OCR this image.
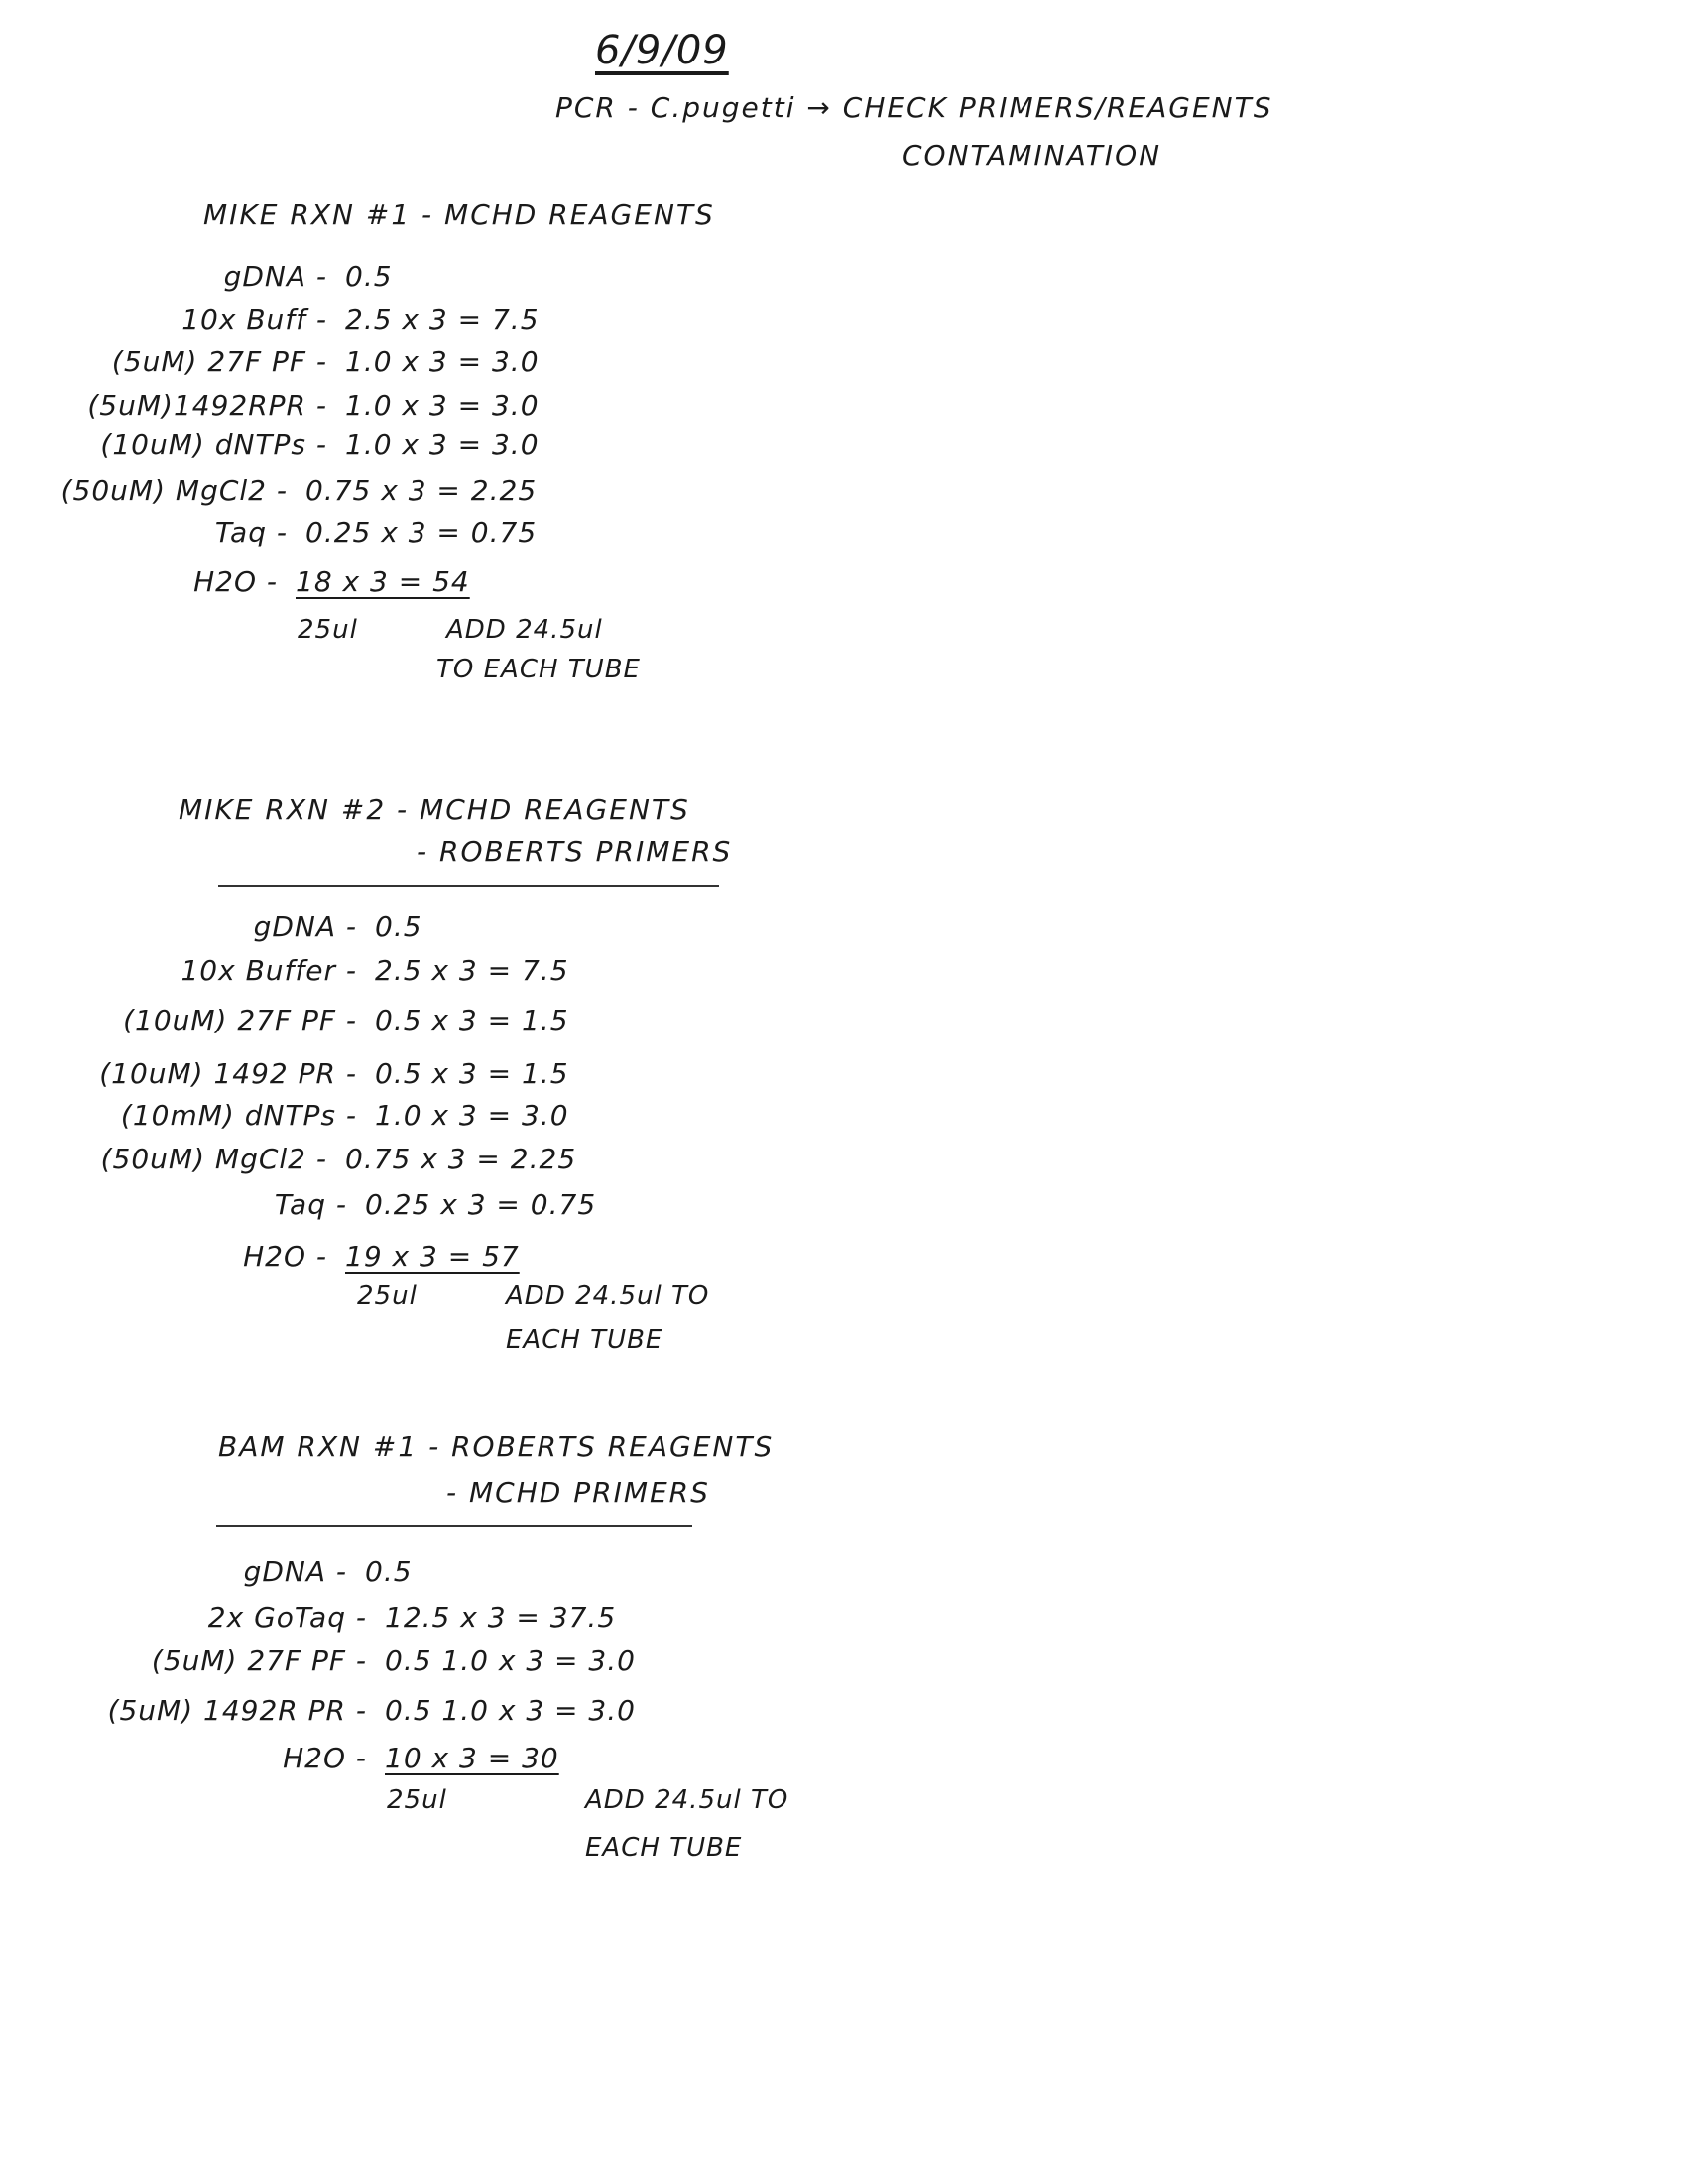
6/9/09
PCR - C.pugetti → CHECK PRIMERS/REAGENTS
CONTAMINATION
MIKE RXN #1 - MCHD REAGENTS
gDNA - 0.5
10x Buff - 2.5 x 3 = 7.5
(5uM) 27F PF - 1.0 x 3 = 3.0
(5uM)1492RPR - 1.0 x 3 = 3.0
(10uM) dNTPs - 1.0 x 3 = 3.0
(50uM) MgCl2 - 0.75 x 3 = 2.25
Taq - 0.25 x 3 = 0.75
H2O - 18 x 3 = 54
25ul	ADD 24.5ul
TO EACH TUBE
MIKE RXN #2 - MCHD REAGENTS
- ROBERTS PRIMERS
gDNA - 0.5
10x Buffer - 2.5 x 3 = 7.5
(10uM) 27F PF - 0.5 x 3 = 1.5
(10uM) 1492 PR - 0.5 x 3 = 1.5
(10mM) dNTPs - 1.0 x 3 = 3.0
(50uM) MgCl2 - 0.75 x 3 = 2.25
Taq - 0.25 x 3 = 0.75
H2O - 19 x 3 = 57
25ul	ADD 24.5ul TO
EACH TUBE
BAM RXN #1 - ROBERTS REAGENTS
- MCHD PRIMERS
gDNA - 0.5
2x GoTaq - 12.5 x 3 = 37.5
(5uM) 27F PF - 0.5 1.0 x 3 = 3.0
(5uM) 1492R PR - 0.5 1.0 x 3 = 3.0
H2O - 10 x 3 = 30
25ul	ADD 24.5ul TO
EACH TUBE
